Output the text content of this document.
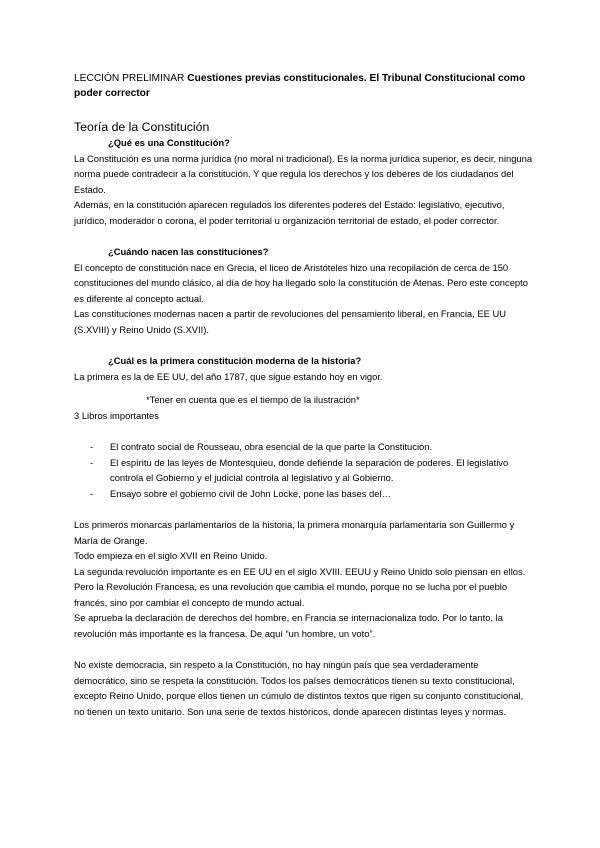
LECCIÓN PRELIMINAR Cuestiones previas constitucionales. El Tribunal Constitucional como poder corrector

Teoría de la Constitución

¿Qué es una Constitución?

La Constitución es una norma jurídica (no moral ni tradicional). Es la norma jurídica superior, es decir, ninguna norma puede contradecir a la constitución. Y que regula los derechos y los deberes de los ciudadanos del Estado.

Además, en la constitución aparecen regulados los diferentes poderes del Estado: legislativo, ejecutivo, jurídico, moderador o corona, el poder territorial u organización territorial de estado, el poder corrector.

¿Cuándo nacen las constituciones?

El concepto de constitución nace en Grecia, el liceo de Aristóteles hizo una recopilación de cerca de 150 constituciones del mundo clásico, al día de hoy ha llegado solo la constitución de Atenas. Pero este concepto es diferente al concepto actual.

Las constituciones modernas nacen a partir de revoluciones del pensamiento liberal, en Francia, EE UU (S.XVIII) y Reino Unido (S.XVII).

¿Cuál es la primera constitución moderna de la historia?

La primera es la de EE UU, del año 1787, que sigue estando hoy en vigor.

*Tener en cuenta que es el tiempo de la ilustración*

3 Libros importantes

- El contrato social de Rousseau, obra esencial de la que parte la Constitución.
- El espíritu de las leyes de Montesquieu, donde defiende la separación de poderes. El legislativo controla el Gobierno y el judicial controla al legislativo y al Gobierno.
- Ensayo sobre el gobierno civil de John Locke, pone las bases del…

Los primeros monarcas parlamentarios de la historia, la primera monarquía parlamentaria son Guillermo y María de Orange.

Todo empieza en el siglo XVII en Reino Unido.

La segunda revolución importante es en EE UU en el siglo XVIII. EEUU y Reino Unido solo piensan en ellos.

Pero la Revolución Francesa, es una revolución que cambia el mundo, porque no se lucha por el pueblo francés, sino por cambiar el concepto de mundo actual.

Se aprueba la declaración de derechos del hombre, en Francia se internacionaliza todo. Por lo tanto, la revolución más importante es la francesa. De aquí “un hombre, un voto”.

No existe democracia, sin respeto a la Constitución, no hay ningún país que sea verdaderamente democrático, sino se respeta la constitución. Todos los países democráticos tienen su texto constitucional, excepto Reino Unido, porque ellos tienen un cúmulo de distintos textos que rigen su conjunto constitucional, no tienen un texto unitario. Son una serie de textos históricos, donde aparecen distintas leyes y normas.
